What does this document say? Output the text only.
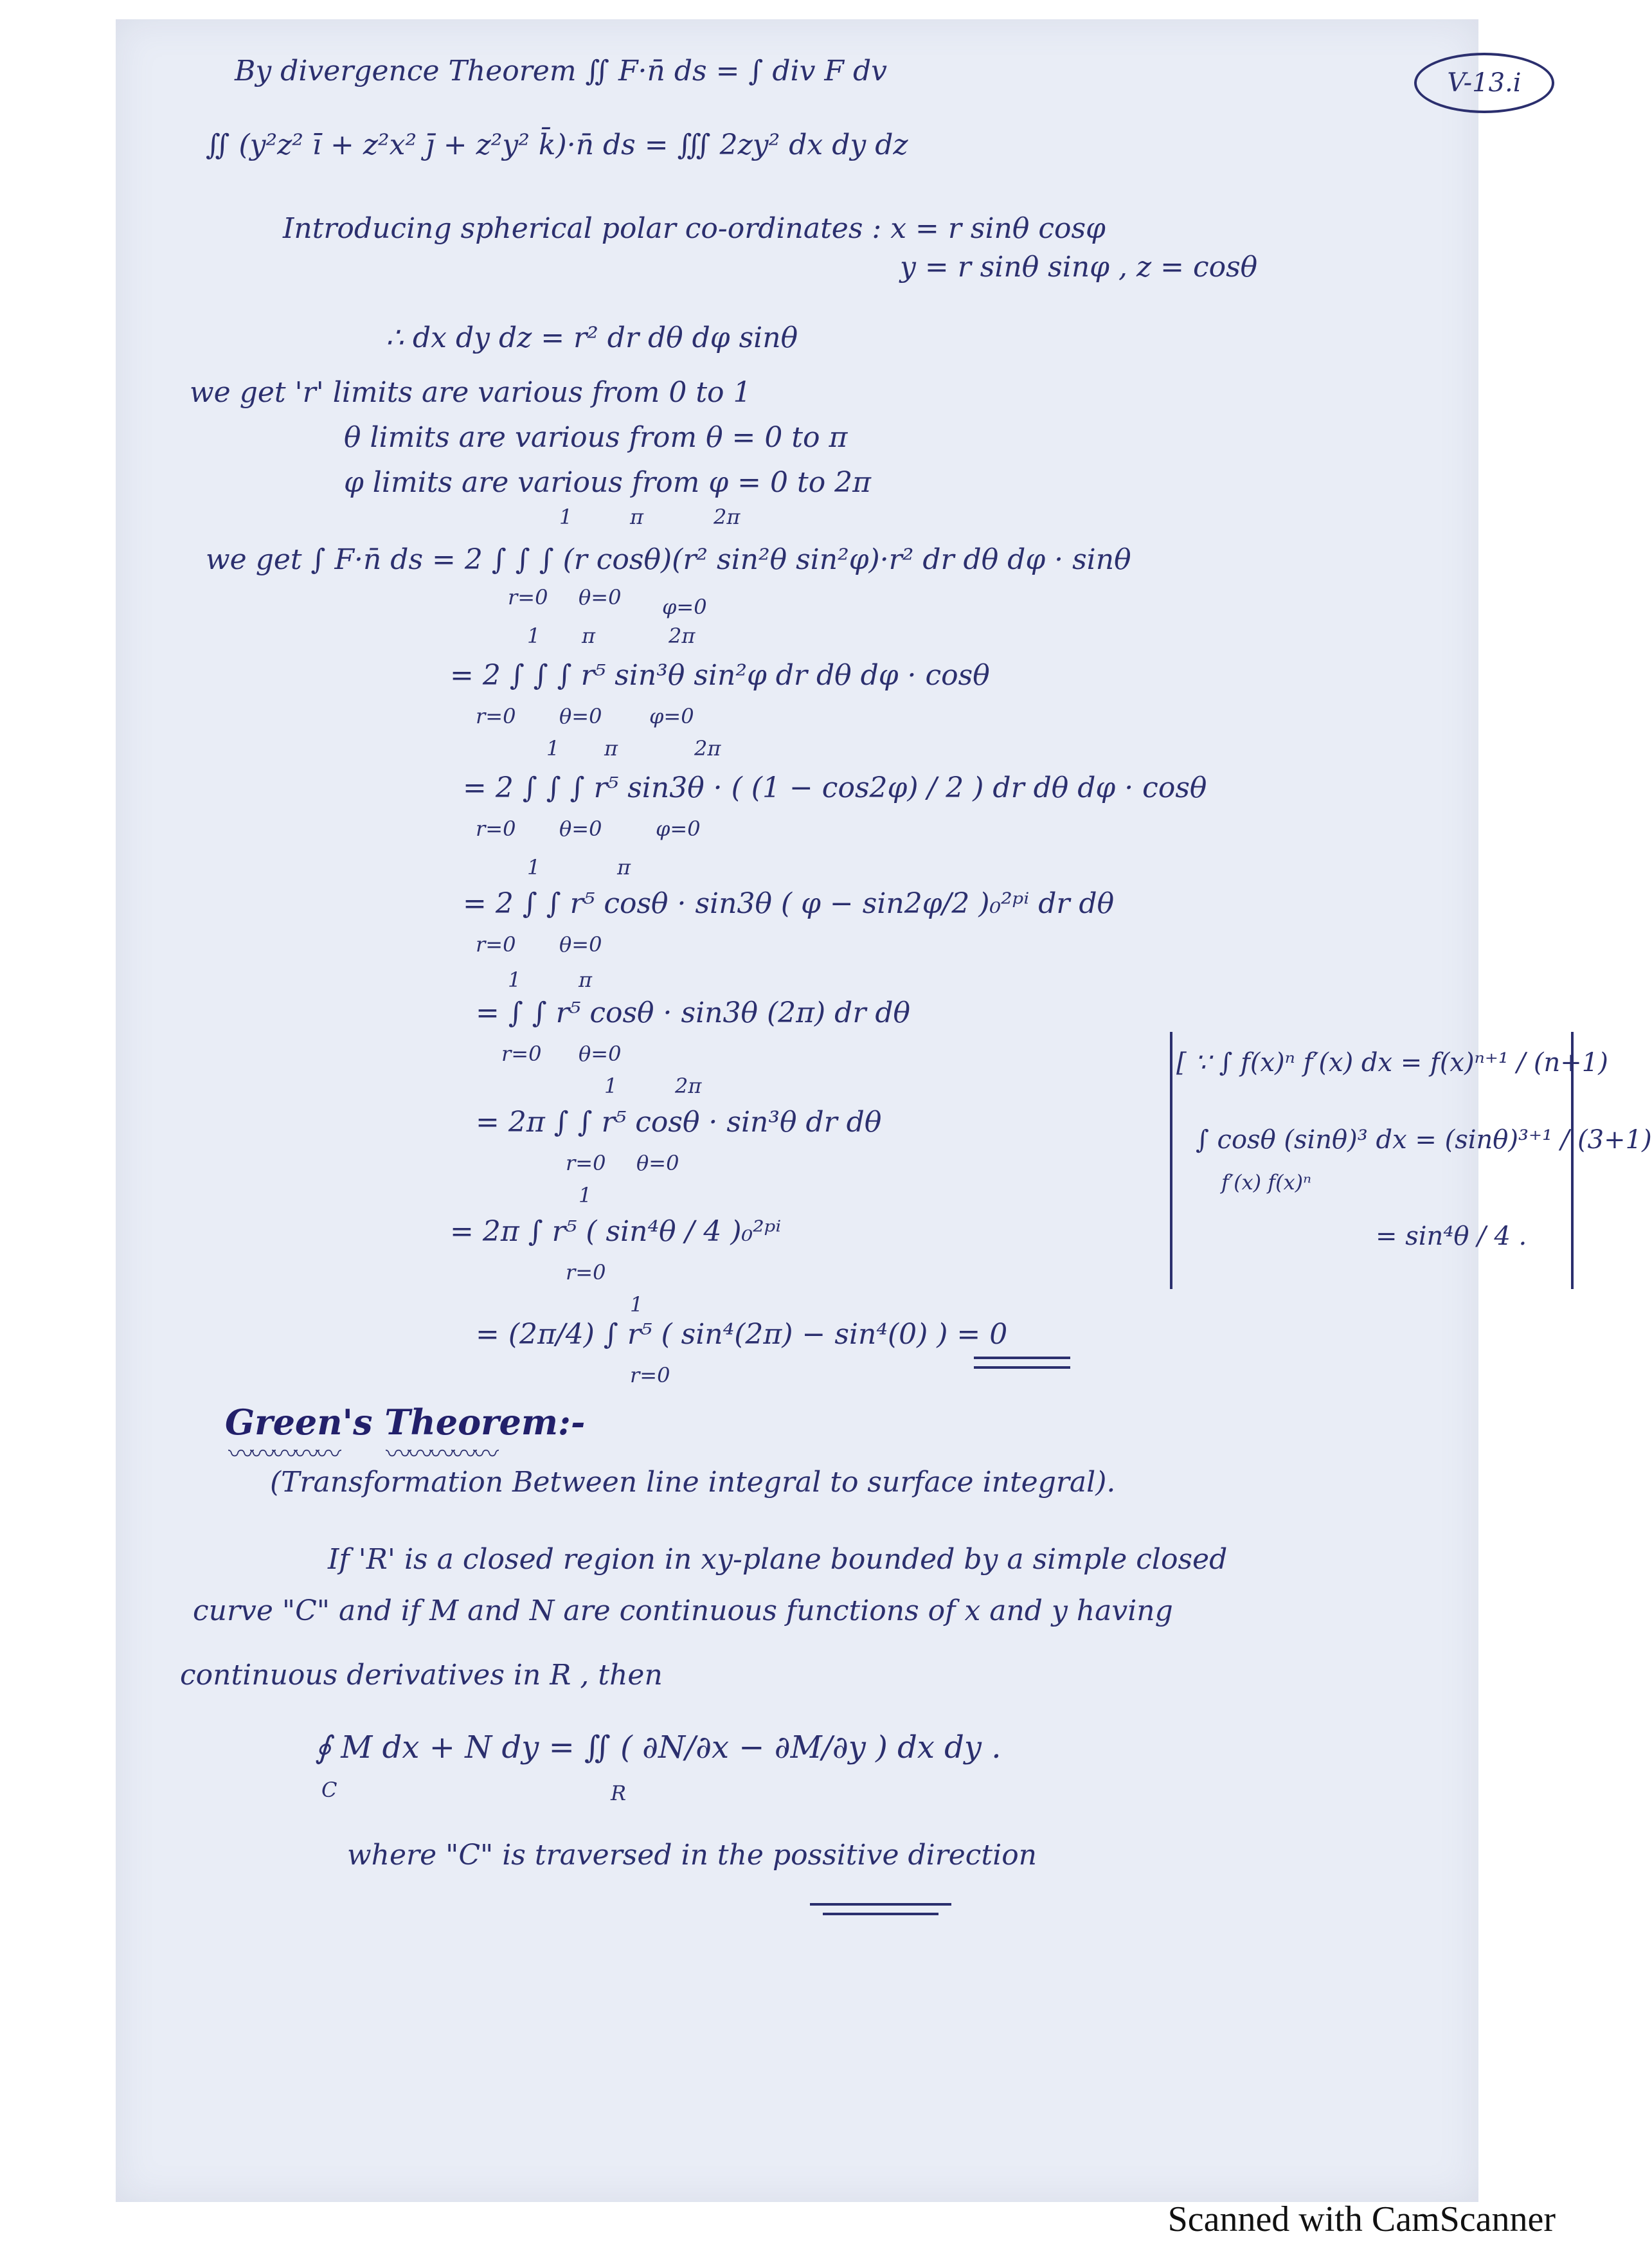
V-13.i
By divergence Theorem ∬ F·n̄ ds = ∫ div F dv
∬ (y²z² ī + z²x² j̄ + z²y² k̄)·n̄ ds = ∭ 2zy² dx dy dz
Introducing spherical polar co-ordinates : x = r sinθ cosφ
y = r sinθ sinφ , z = cosθ
∴ dx dy dz = r² dr dθ dφ sinθ
we get 'r' limits are various from 0 to 1
θ limits are various from θ = 0 to π
φ limits are various from φ = 0 to 2π
1	π	2π
we get ∫ F·n̄ ds = 2 ∫ ∫ ∫ (r cosθ)(r² sin²θ sin²φ)·r² dr dθ dφ · sinθ
r=0 θ=0 φ=0
1 π	2π
= 2 ∫ ∫ ∫ r⁵ sin³θ sin²φ dr dθ dφ · cosθ
r=0 θ=0 φ=0
1 π	2π
= 2 ∫ ∫ ∫ r⁵ sin3θ · ( (1 − cos2φ) / 2 ) dr dθ dφ · cosθ
r=0 θ=0	φ=0
1	π
= 2 ∫ ∫ r⁵ cosθ · sin3θ ( φ − sin2φ/2 )₀²ᵖⁱ dr dθ
r=0 θ=0
1	π
= ∫ ∫ r⁵ cosθ · sin3θ (2π) dr dθ
r=0 θ=0
1	2π
= 2π ∫ ∫ r⁵ cosθ · sin³θ dr dθ
r=0 θ=0
1
= 2π ∫ r⁵ ( sin⁴θ / 4 )₀²ᵖⁱ
r=0
1
= (2π/4) ∫ r⁵ ( sin⁴(2π) − sin⁴(0) ) = 0
r=0
[ ∵ ∫ f(x)ⁿ f′(x) dx = f(x)ⁿ⁺¹ / (n+1)
∫ cosθ (sinθ)³ dx = (sinθ)³⁺¹ / (3+1)
f′(x) f(x)ⁿ
= sin⁴θ / 4 .
Green's Theorem:-
〰〰〰〰〰 〰〰〰〰〰
(Transformation Between line integral to surface integral).
If 'R' is a closed region in xy-plane bounded by a simple closed
curve "C" and if M and N are continuous functions of x and y having
continuous derivatives in R , then
∮ M dx + N dy = ∬ ( ∂N/∂x − ∂M/∂y ) dx dy .
C	R
where "C" is traversed in the possitive direction
Scanned with CamScanner
